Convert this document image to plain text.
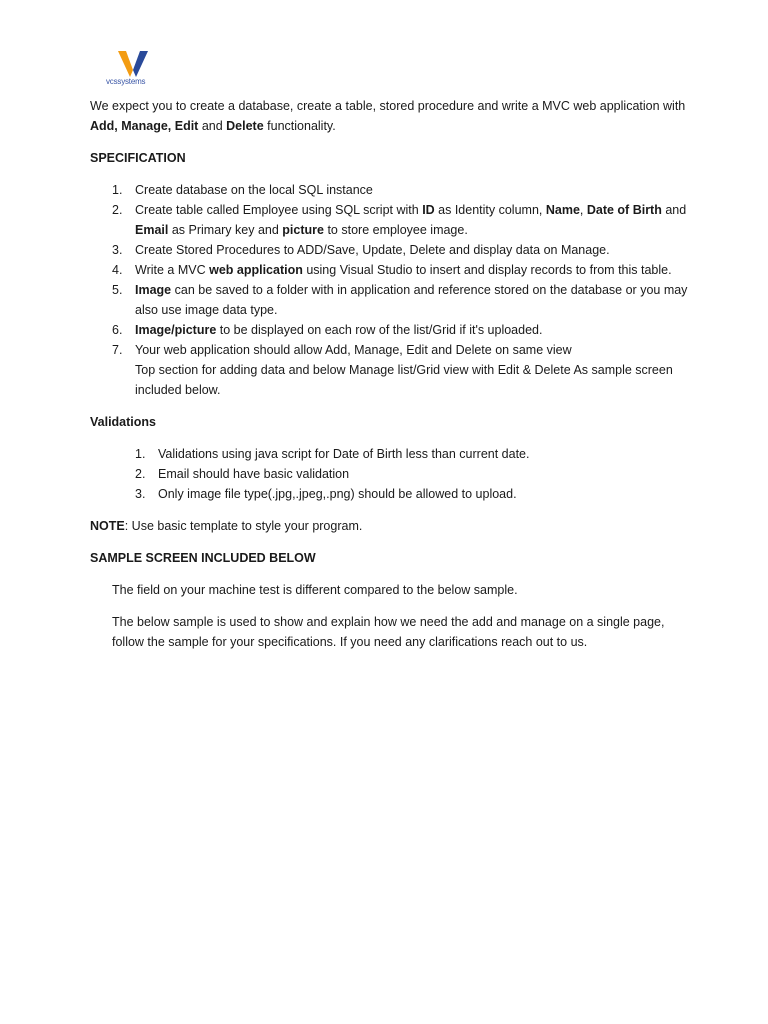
vcssystems

We expect you to create a database, create a table, stored procedure and write a MVC web application with Add, Manage, Edit and Delete functionality.

SPECIFICATION

1. Create database on the local SQL instance
2. Create table called Employee using SQL script with ID as Identity column, Name, Date of Birth and Email as Primary key and picture to store employee image.
3. Create Stored Procedures to ADD/Save, Update, Delete and display data on Manage.
4. Write a MVC web application using Visual Studio to insert and display records to from this table.
5. Image can be saved to a folder with in application and reference stored on the database or you may also use image data type.
6. Image/picture to be displayed on each row of the list/Grid if it's uploaded.
7. Your web application should allow Add, Manage, Edit and Delete on same view
Top section for adding data and below Manage list/Grid view with Edit & Delete As sample screen included below.

Validations

1. Validations using java script for Date of Birth less than current date.
2. Email should have basic validation
3. Only image file type(.jpg,.jpeg,.png) should be allowed to upload.

NOTE: Use basic template to style your program.

SAMPLE SCREEN INCLUDED BELOW

The field on your machine test is different compared to the below sample.

The below sample is used to show and explain how we need the add and manage on a single page, follow the sample for your specifications. If you need any clarifications reach out to us.
